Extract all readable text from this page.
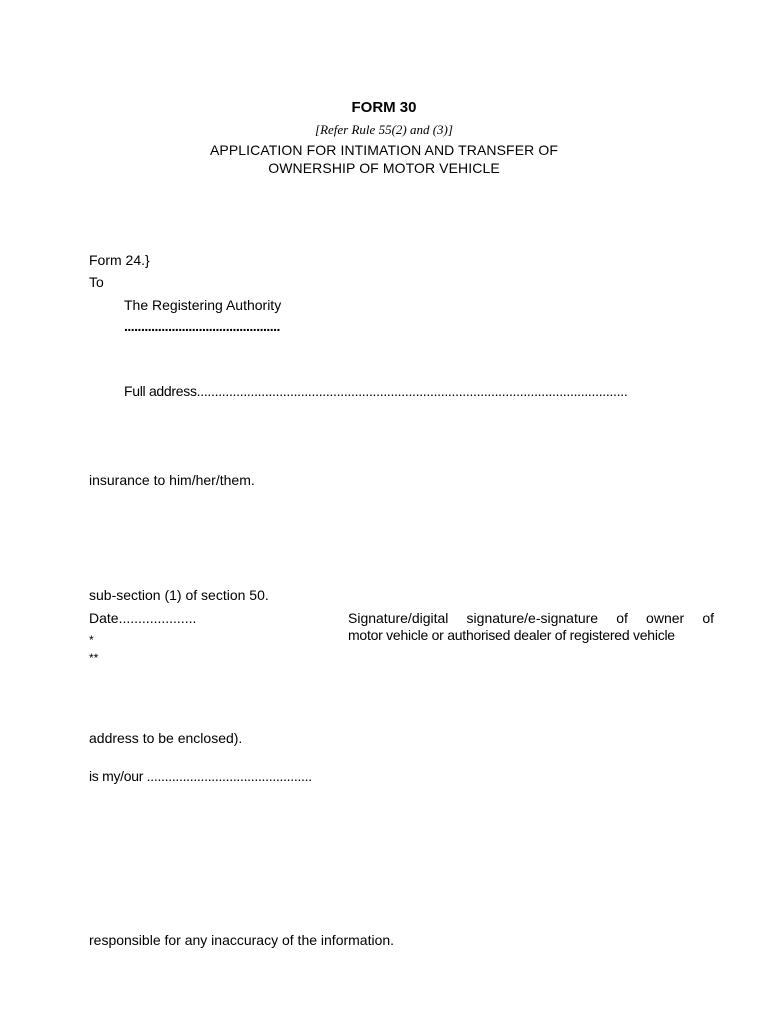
FORM 30
[Refer Rule 55(2) and (3)]
APPLICATION FOR INTIMATION AND TRANSFER OF
OWNERSHIP OF MOTOR VEHICLE
Form 24.}
To
The Registering Authority
..............................................
Full address........................................................................................................................
insurance to him/her/them.
sub-section (1) of section 50.
Date....................	Signature/digital signature/e-signature of owner of
motor vehicle or authorised dealer of registered vehicle
*
**
address to be enclosed).
is my/our ..............................................
responsible for any inaccuracy of the information.
